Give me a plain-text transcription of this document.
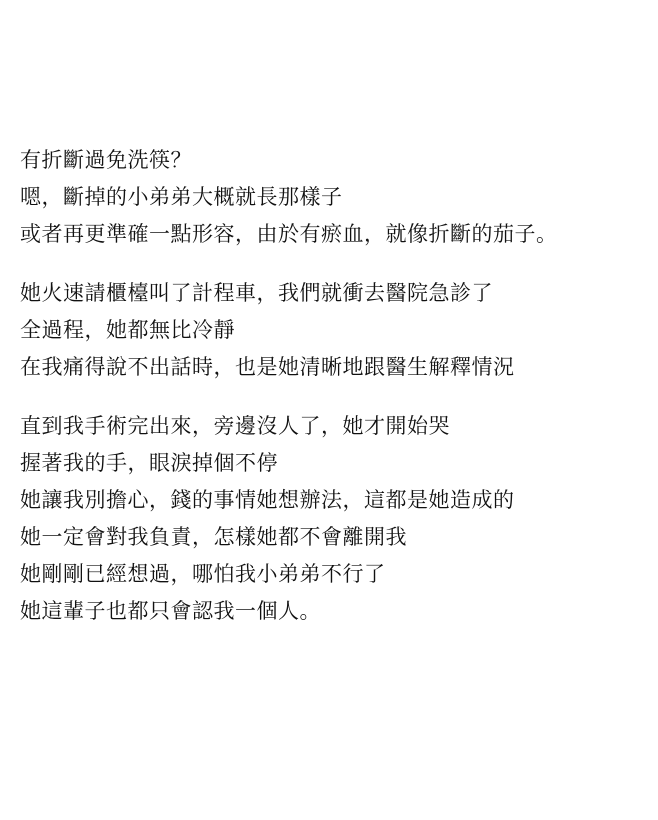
有折斷過免洗筷？
嗯，斷掉的小弟弟大概就長那樣子
或者再更準確一點形容，由於有瘀血，就像折斷的茄子。
她火速請櫃檯叫了計程車，我們就衝去醫院急診了
全過程，她都無比冷靜
在我痛得說不出話時，也是她清晰地跟醫生解釋情況
直到我手術完出來，旁邊沒人了，她才開始哭
握著我的手，眼淚掉個不停
她讓我別擔心，錢的事情她想辦法，這都是她造成的
她一定會對我負責，怎樣她都不會離開我
她剛剛已經想過，哪怕我小弟弟不行了
她這輩子也都只會認我一個人。
